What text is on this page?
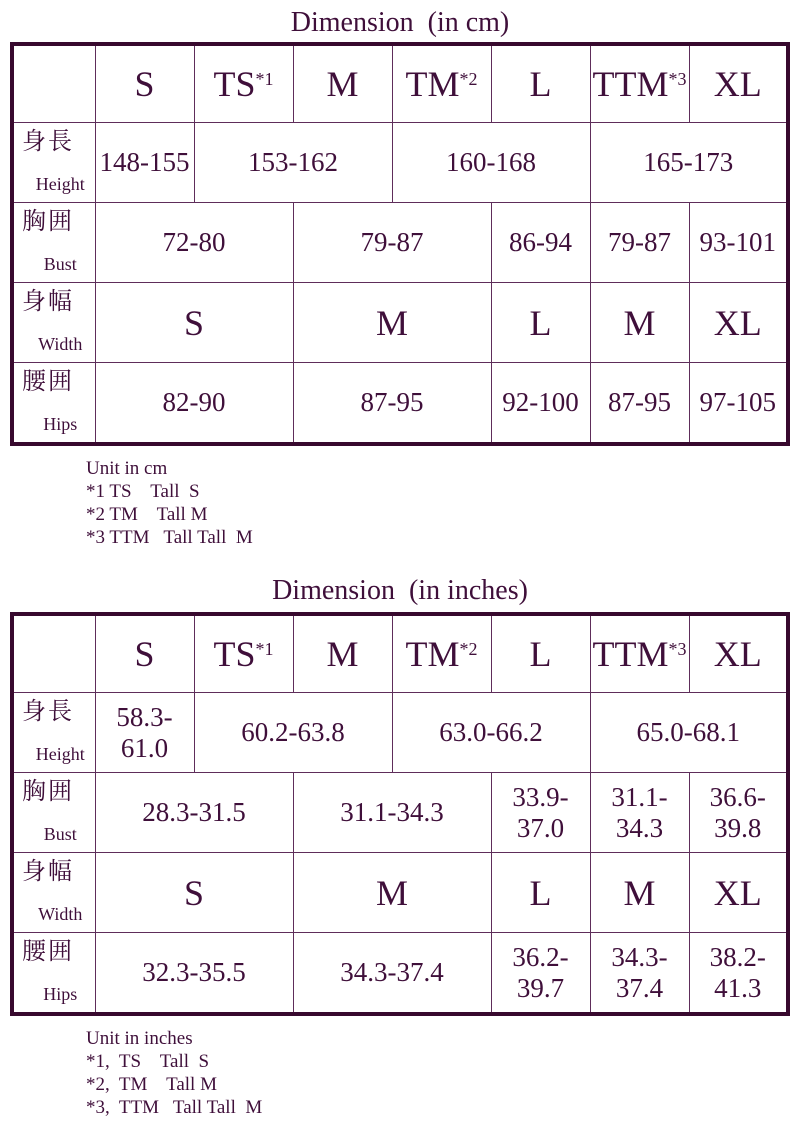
Dimension  (in cm)
	S	TS$^{*1}$	M	TM$^{*2}$	L	TTM$^{*3}$	XL

身長
Height	148-155	153-162		160-168		165-173	

胸囲
Bust	72-80		79-87		86-94	79-87	93-101

身幅
Width	S		M		L	M	XL

腰囲
Hips	82-90		87-95		92-100	87-95	97-105
Unit in cm
*1 TS    Tall  S
*2 TM    Tall M
*3 TTM   Tall Tall  M
Dimension  (in inches)
	S	TS$^{*1}$	M	TM$^{*2}$	L	TTM$^{*3}$	XL

身長
Height	58.3-61.0	60.2-63.8		63.0-66.2		65.0-68.1	

胸囲
Bust	28.3-31.5		31.1-34.3		33.9-37.0	31.1-34.3	36.6-39.8

身幅
Width	S		M		L	M	XL

腰囲
Hips	32.3-35.5		34.3-37.4		36.2-39.7	34.3-37.4	38.2-41.3
Unit in inches
*1,  TS    Tall  S
*2,  TM    Tall M
*3,  TTM   Tall Tall  M
